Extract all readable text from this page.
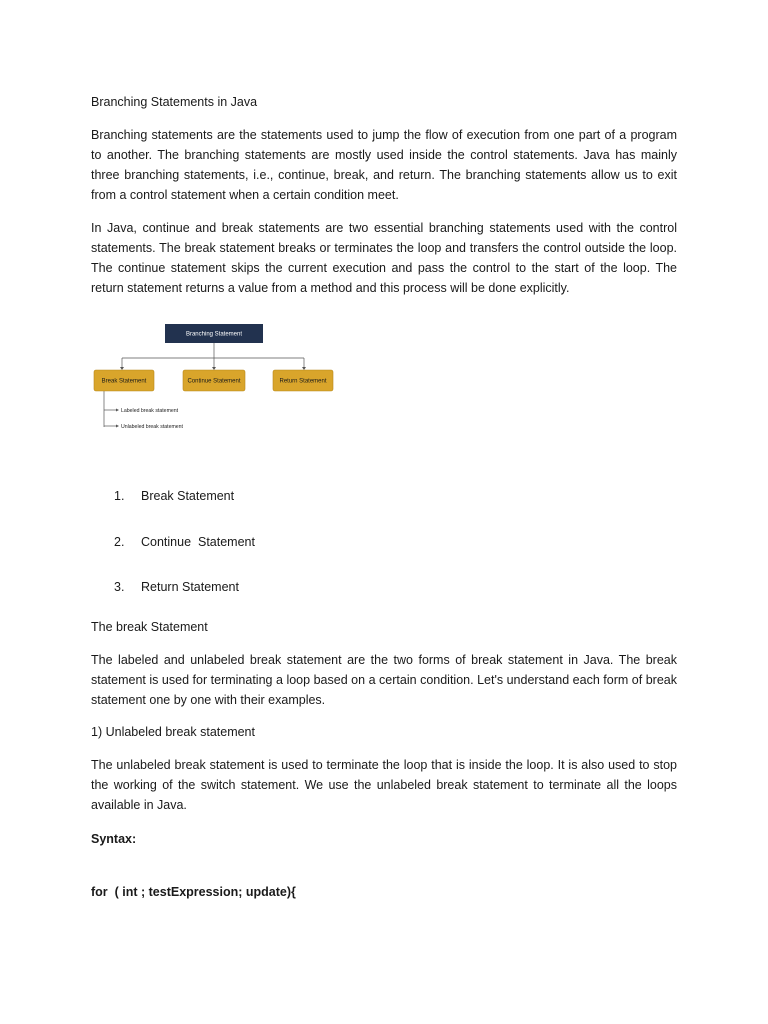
Branching Statements in Java

Branching statements are the statements used to jump the flow of execution from one part of a program to another. The branching statements are mostly used inside the control statements. Java has mainly three branching statements, i.e., continue, break, and return. The branching statements allow us to exit from a control statement when a certain condition meet.

In Java, continue and break statements are two essential branching statements used with the control statements. The break statement breaks or terminates the loop and transfers the control outside the loop. The continue statement skips the current execution and pass the control to the start of the loop. The return statement returns a value from a method and this process will be done explicitly.

Branching Statement
Break Statement	Continue Statement	Return Statement
Labeled break statement
Unlabeled break statement
1. Break Statement
2. Continue  Statement
3. Return Statement

The break Statement

The labeled and unlabeled break statement are the two forms of break statement in Java. The break statement is used for terminating a loop based on a certain condition. Let's understand each form of break statement one by one with their examples.

1) Unlabeled break statement

The unlabeled break statement is used to terminate the loop that is inside the loop. It is also used to stop the working of the switch statement. We use the unlabeled break statement to terminate all the loops available in Java.

Syntax:

for  ( int ; testExpression; update){
